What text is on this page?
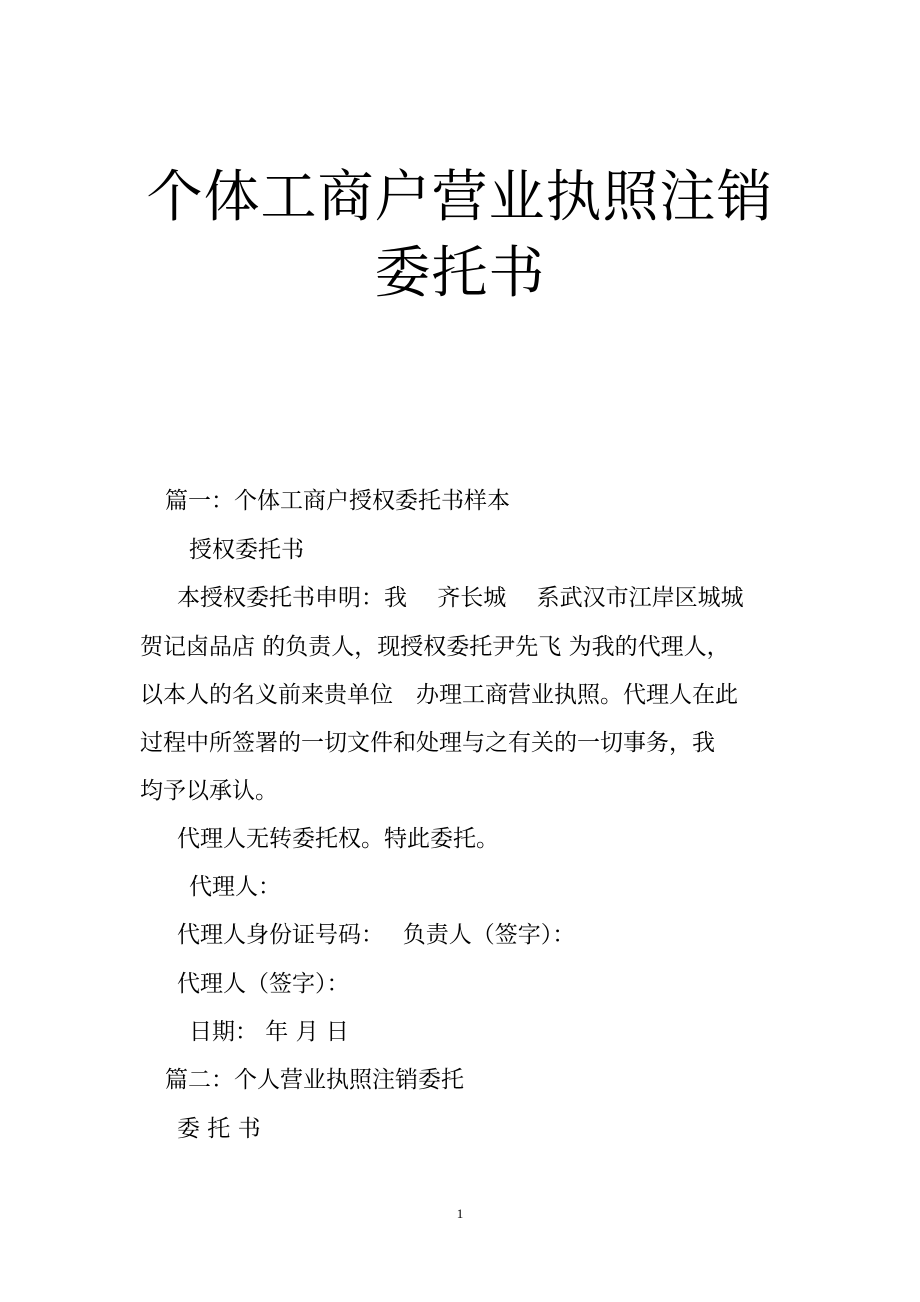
个体工商户营业执照注销
委托书
篇一：个体工商户授权委托书样本
授权委托书
本授权委托书申明：我　 齐长城　 系武汉市江岸区城城
贺记卤品店 的负责人，现授权委托尹先飞 为我的代理人，
以本人的名义前来贵单位　办理工商营业执照。代理人在此
过程中所签署的一切文件和处理与之有关的一切事务，我
均予以承认。
代理人无转委托权。特此委托。
代理人：
代理人身份证号码：　 负责人（签字）：
代理人（签字）：
日期： 年 月 日
篇二：个人营业执照注销委托
委 托 书
1
